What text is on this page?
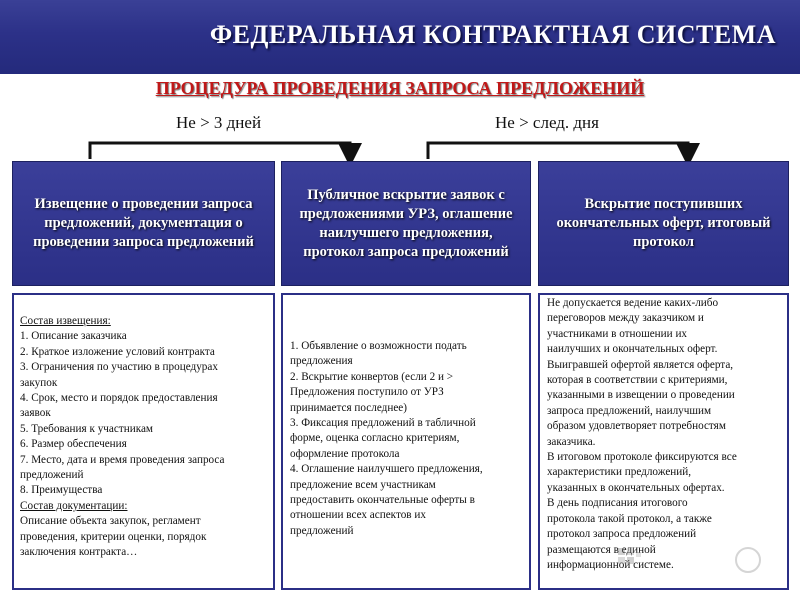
ФЕДЕРАЛЬНАЯ КОНТРАКТНАЯ СИСТЕМА
ПРОЦЕДУРА ПРОВЕДЕНИЯ ЗАПРОСА ПРЕДЛОЖЕНИЙ
Не > 3 дней	Не > след. дня
Извещение о проведении запроса предложений, документация о проведении запроса предложений
Публичное вскрытие заявок с предложениями УРЗ, оглашение наилучшего предложения, протокол запроса предложений
Вскрытие поступивших окончательных оферт, итоговый протокол
Состав извещения:
1. Описание заказчика
2. Краткое изложение условий контракта
3. Ограничения по участию в процедурах
закупок
4. Срок, место и порядок предоставления
заявок
5. Требования к участникам
6. Размер обеспечения
7. Место, дата и время проведения запроса
предложений
8. Преимущества
Состав документации:
Описание объекта закупок, регламент
проведения, критерии оценки, порядок
заключения контракта…
1. Объявление о возможности подать
предложения
2. Вскрытие конвертов (если 2 и >
Предложения поступило от УРЗ
принимается последнее)
3. Фиксация предложений в табличной
форме, оценка согласно критериям,
оформление протокола
4. Оглашение наилучшего предложения,
предложение всем участникам
предоставить окончательные оферты в
отношении всех аспектов их
предложений
Не допускается ведение каких-либо
переговоров между заказчиком и
участниками в отношении их
наилучших и окончательных оферт.
Выигравшей офертой является оферта,
которая в соответствии с критериями,
указанными в извещении о проведении
запроса предложений, наилучшим
образом удовлетворяет потребностям
заказчика.
В итоговом протоколе фиксируются все
характеристики предложений,
указанных в окончательных офертах.
В день подписания итогового
протокола такой протокол, а также
протокол запроса предложений
размещаются в единой
информационной системе.
